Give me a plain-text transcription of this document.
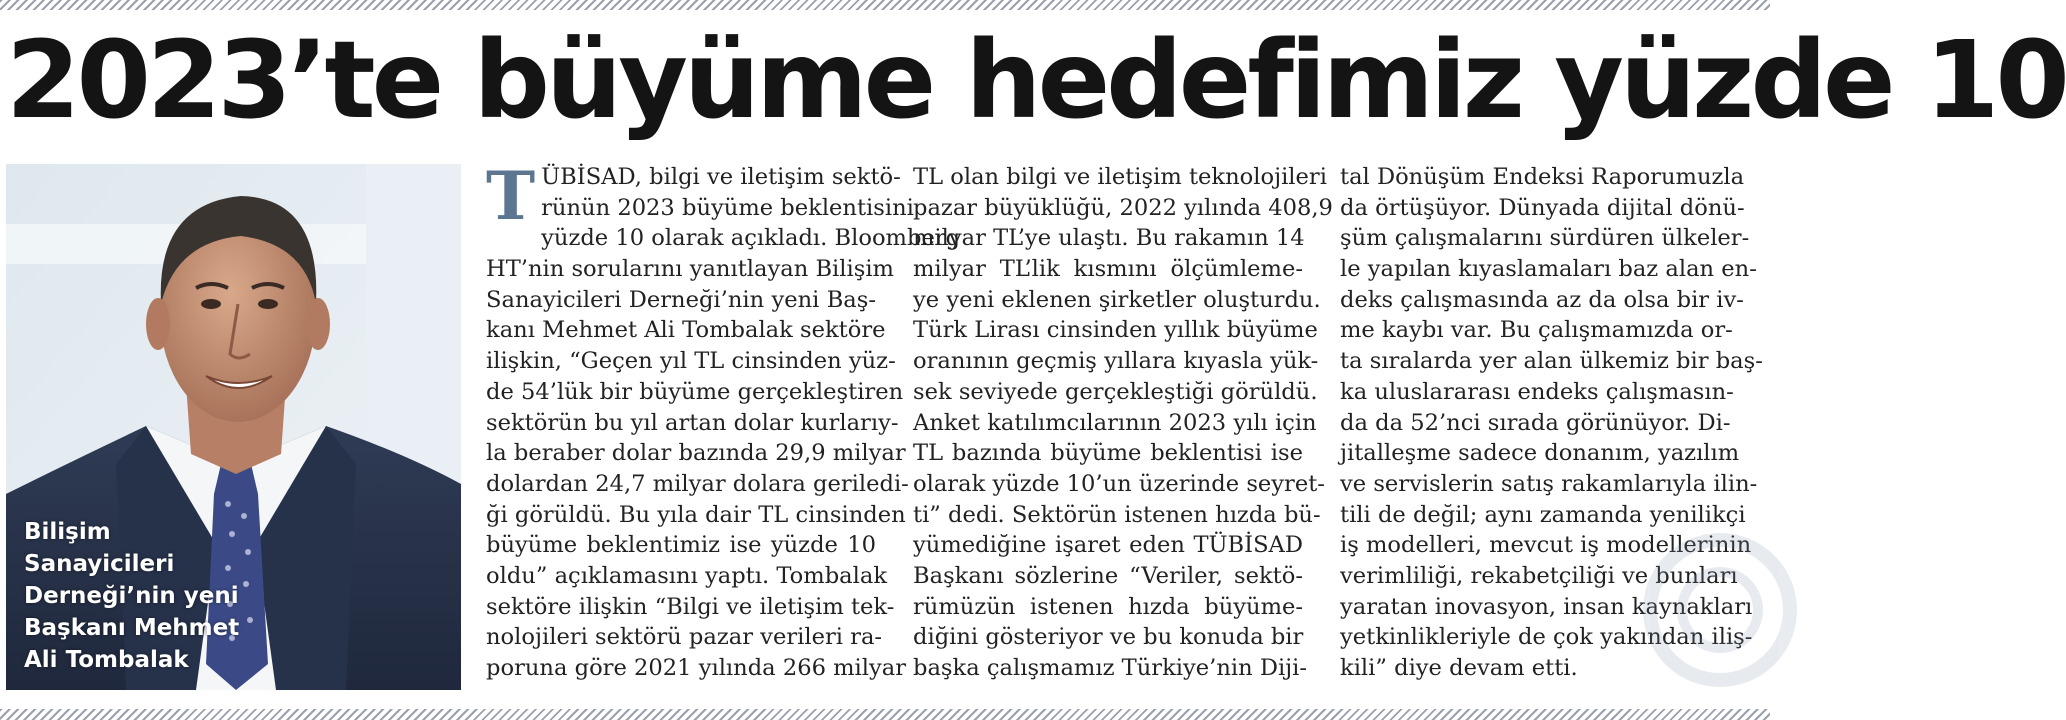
2023’te büyüme hedefimiz yüzde 10
Bilişim
Sanayicileri
Derneği’nin yeni
Başkanı Mehmet
Ali Tombalak
T ÜBİSAD, bilgi ve iletişim sektö-
rünün 2023 büyüme beklentisini
yüzde 10 olarak açıkladı. Bloomberg
HT’nin sorularını yanıtlayan Bilişim
Sanayicileri Derneği’nin yeni Baş-
kanı Mehmet Ali Tombalak sektöre
ilişkin, “Geçen yıl TL cinsinden yüz-
de 54’lük bir büyüme gerçekleştiren
sektörün bu yıl artan dolar kurlarıy-
la beraber dolar bazında 29,9 milyar
dolardan 24,7 milyar dolara geriledi-
ği görüldü. Bu yıla dair TL cinsinden
büyüme beklentimiz ise yüzde 10
oldu” açıklamasını yaptı. Tombalak
sektöre ilişkin “Bilgi ve iletişim tek-
nolojileri sektörü pazar verileri ra-
poruna göre 2021 yılında 266 milyar
TL olan bilgi ve iletişim teknolojileri
pazar büyüklüğü, 2022 yılında 408,9
milyar TL’ye ulaştı. Bu rakamın 14
milyar TL’lik kısmını ölçümleme-
ye yeni eklenen şirketler oluşturdu.
Türk Lirası cinsinden yıllık büyüme
oranının geçmiş yıllara kıyasla yük-
sek seviyede gerçekleştiği görüldü.
Anket katılımcılarının 2023 yılı için
TL bazında büyüme beklentisi ise
olarak yüzde 10’un üzerinde seyret-
ti” dedi. Sektörün istenen hızda bü-
yümediğine işaret eden TÜBİSAD
Başkanı sözlerine “Veriler, sektö-
rümüzün istenen hızda büyüme-
diğini gösteriyor ve bu konuda bir
başka çalışmamız Türkiye’nin Diji-
tal Dönüşüm Endeksi Raporumuzla
da örtüşüyor. Dünyada dijital dönü-
şüm çalışmalarını sürdüren ülkeler-
le yapılan kıyaslamaları baz alan en-
deks çalışmasında az da olsa bir iv-
me kaybı var. Bu çalışmamızda or-
ta sıralarda yer alan ülkemiz bir baş-
ka uluslararası endeks çalışmasın-
da da 52’nci sırada görünüyor. Di-
jitalleşme sadece donanım, yazılım
ve servislerin satış rakamlarıyla ilin-
tili de değil; aynı zamanda yenilikçi
iş modelleri, mevcut iş modellerinin
verimliliği, rekabetçiliği ve bunları
yaratan inovasyon, insan kaynakları
yetkinlikleriyle de çok yakından iliş-
kili” diye devam etti.
